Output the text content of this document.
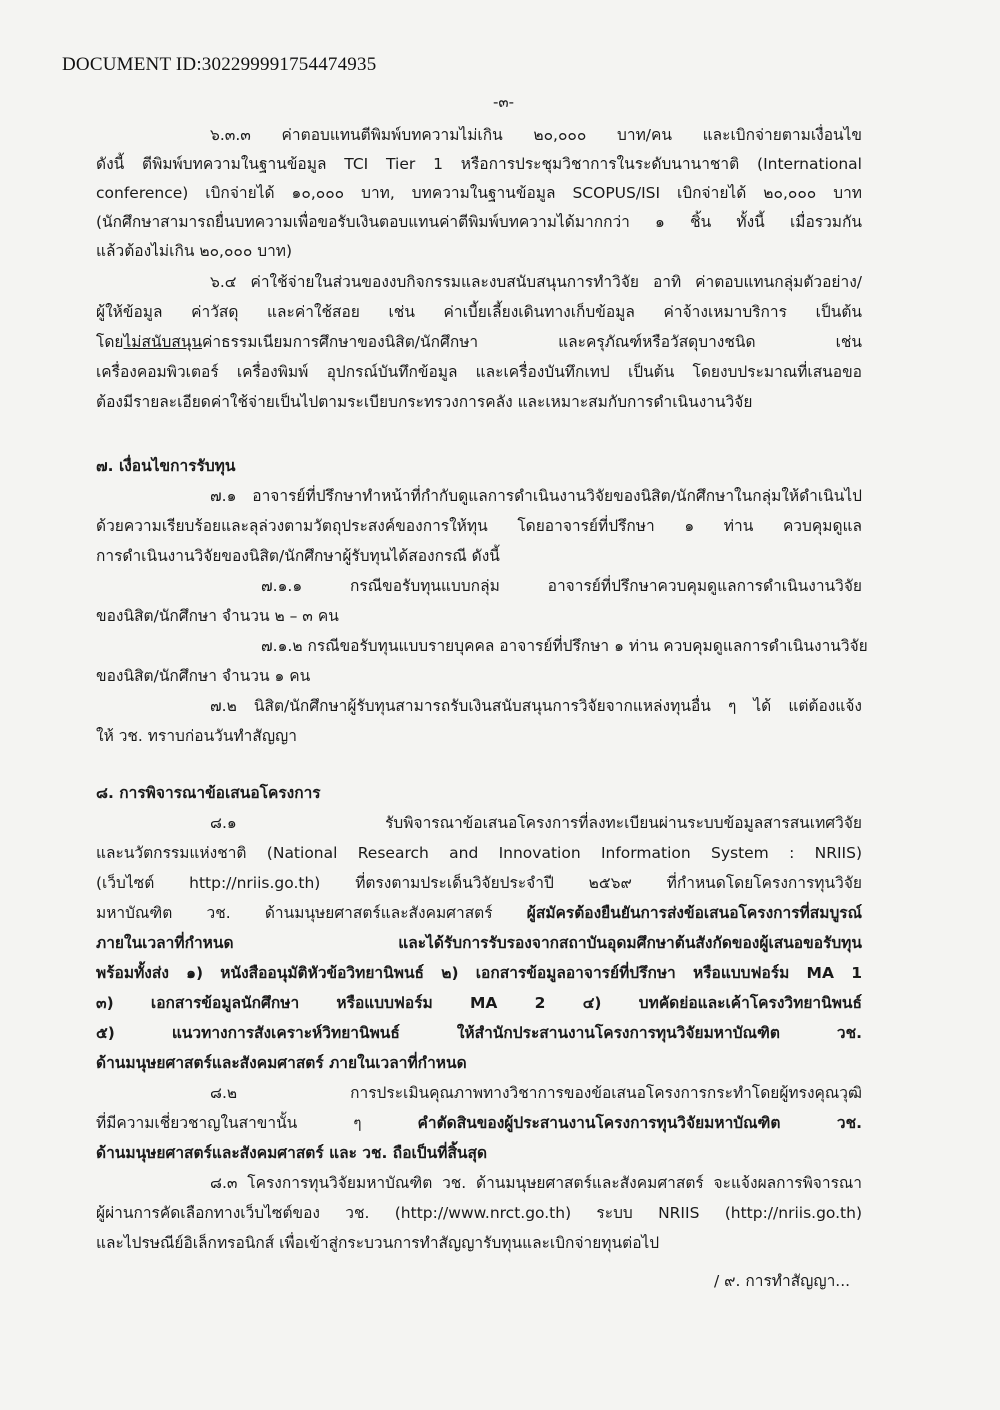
DOCUMENT ID:302299991754474935
-๓-
๖.๓.๓ ค่าตอบแทนตีพิมพ์บทความไม่เกิน ๒๐,๐๐๐ บาท/คน และเบิกจ่ายตามเงื่อนไข
ดังนี้ ตีพิมพ์บทความในฐานข้อมูล TCI Tier 1 หรือการประชุมวิชาการในระดับนานาชาติ (International
conference) เบิกจ่ายได้ ๑๐,๐๐๐ บาท, บทความในฐานข้อมูล SCOPUS/ISI เบิกจ่ายได้ ๒๐,๐๐๐ บาท
(นักศึกษาสามารถยื่นบทความเพื่อขอรับเงินตอบแทนค่าตีพิมพ์บทความได้มากกว่า ๑ ชิ้น ทั้งนี้ เมื่อรวมกัน
แล้วต้องไม่เกิน ๒๐,๐๐๐ บาท)
๖.๔ ค่าใช้จ่ายในส่วนของงบกิจกรรมและงบสนับสนุนการทำวิจัย อาทิ ค่าตอบแทนกลุ่มตัวอย่าง/
ผู้ให้ข้อมูล ค่าวัสดุ และค่าใช้สอย เช่น ค่าเบี้ยเลี้ยงเดินทางเก็บข้อมูล ค่าจ้างเหมาบริการ เป็นต้น
โดยไม่สนับสนุนค่าธรรมเนียมการศึกษาของนิสิต/นักศึกษา และครุภัณฑ์หรือวัสดุบางชนิด เช่น
เครื่องคอมพิวเตอร์ เครื่องพิมพ์ อุปกรณ์บันทึกข้อมูล และเครื่องบันทึกเทป เป็นต้น โดยงบประมาณที่เสนอขอ
ต้องมีรายละเอียดค่าใช้จ่ายเป็นไปตามระเบียบกระทรวงการคลัง และเหมาะสมกับการดำเนินงานวิจัย
๗. เงื่อนไขการรับทุน
๗.๑ อาจารย์ที่ปรึกษาทำหน้าที่กำกับดูแลการดำเนินงานวิจัยของนิสิต/นักศึกษาในกลุ่มให้ดำเนินไป
ด้วยความเรียบร้อยและลุล่วงตามวัตถุประสงค์ของการให้ทุน โดยอาจารย์ที่ปรึกษา ๑ ท่าน ควบคุมดูแล
การดำเนินงานวิจัยของนิสิต/นักศึกษาผู้รับทุนได้สองกรณี ดังนี้
๗.๑.๑ กรณีขอรับทุนแบบกลุ่ม อาจารย์ที่ปรึกษาควบคุมดูแลการดำเนินงานวิจัย
ของนิสิต/นักศึกษา จำนวน ๒ – ๓ คน
๗.๑.๒ กรณีขอรับทุนแบบรายบุคคล อาจารย์ที่ปรึกษา ๑ ท่าน ควบคุมดูแลการดำเนินงานวิจัย
ของนิสิต/นักศึกษา จำนวน ๑ คน
๗.๒ นิสิต/นักศึกษาผู้รับทุนสามารถรับเงินสนับสนุนการวิจัยจากแหล่งทุนอื่น ๆ ได้ แต่ต้องแจ้ง
ให้ วช. ทราบก่อนวันทำสัญญา
๘. การพิจารณาข้อเสนอโครงการ
๘.๑ รับพิจารณาข้อเสนอโครงการที่ลงทะเบียนผ่านระบบข้อมูลสารสนเทศวิจัย
และนวัตกรรมแห่งชาติ (National Research and Innovation Information System : NRIIS)
(เว็บไซต์ http://nriis.go.th) ที่ตรงตามประเด็นวิจัยประจำปี ๒๕๖๙ ที่กำหนดโดยโครงการทุนวิจัย
มหาบัณฑิต วช. ด้านมนุษยศาสตร์และสังคมศาสตร์ ผู้สมัครต้องยืนยันการส่งข้อเสนอโครงการที่สมบูรณ์
ภายในเวลาที่กำหนด และได้รับการรับรองจากสถาบันอุดมศึกษาต้นสังกัดของผู้เสนอขอรับทุน
พร้อมทั้งส่ง ๑) หนังสืออนุมัติหัวข้อวิทยานิพนธ์ ๒) เอกสารข้อมูลอาจารย์ที่ปรึกษา หรือแบบฟอร์ม MA 1
๓) เอกสารข้อมูลนักศึกษา หรือแบบฟอร์ม MA 2 ๔) บทคัดย่อและเค้าโครงวิทยานิพนธ์
๕) แนวทางการสังเคราะห์วิทยานิพนธ์ ให้สำนักประสานงานโครงการทุนวิจัยมหาบัณฑิต วช.
ด้านมนุษยศาสตร์และสังคมศาสตร์ ภายในเวลาที่กำหนด
๘.๒ การประเมินคุณภาพทางวิชาการของข้อเสนอโครงการกระทำโดยผู้ทรงคุณวุฒิ
ที่มีความเชี่ยวชาญในสาขานั้น ๆ	คำตัดสินของผู้ประสานงานโครงการทุนวิจัยมหาบัณฑิต วช.
ด้านมนุษยศาสตร์และสังคมศาสตร์ และ วช. ถือเป็นที่สิ้นสุด
๘.๓ โครงการทุนวิจัยมหาบัณฑิต วช. ด้านมนุษยศาสตร์และสังคมศาสตร์ จะแจ้งผลการพิจารณา
ผู้ผ่านการคัดเลือกทางเว็บไซต์ของ วช. (http://www.nrct.go.th) ระบบ NRIIS (http://nriis.go.th)
และไปรษณีย์อิเล็กทรอนิกส์ เพื่อเข้าสู่กระบวนการทำสัญญารับทุนและเบิกจ่ายทุนต่อไป
/ ๙. การทำสัญญา...
